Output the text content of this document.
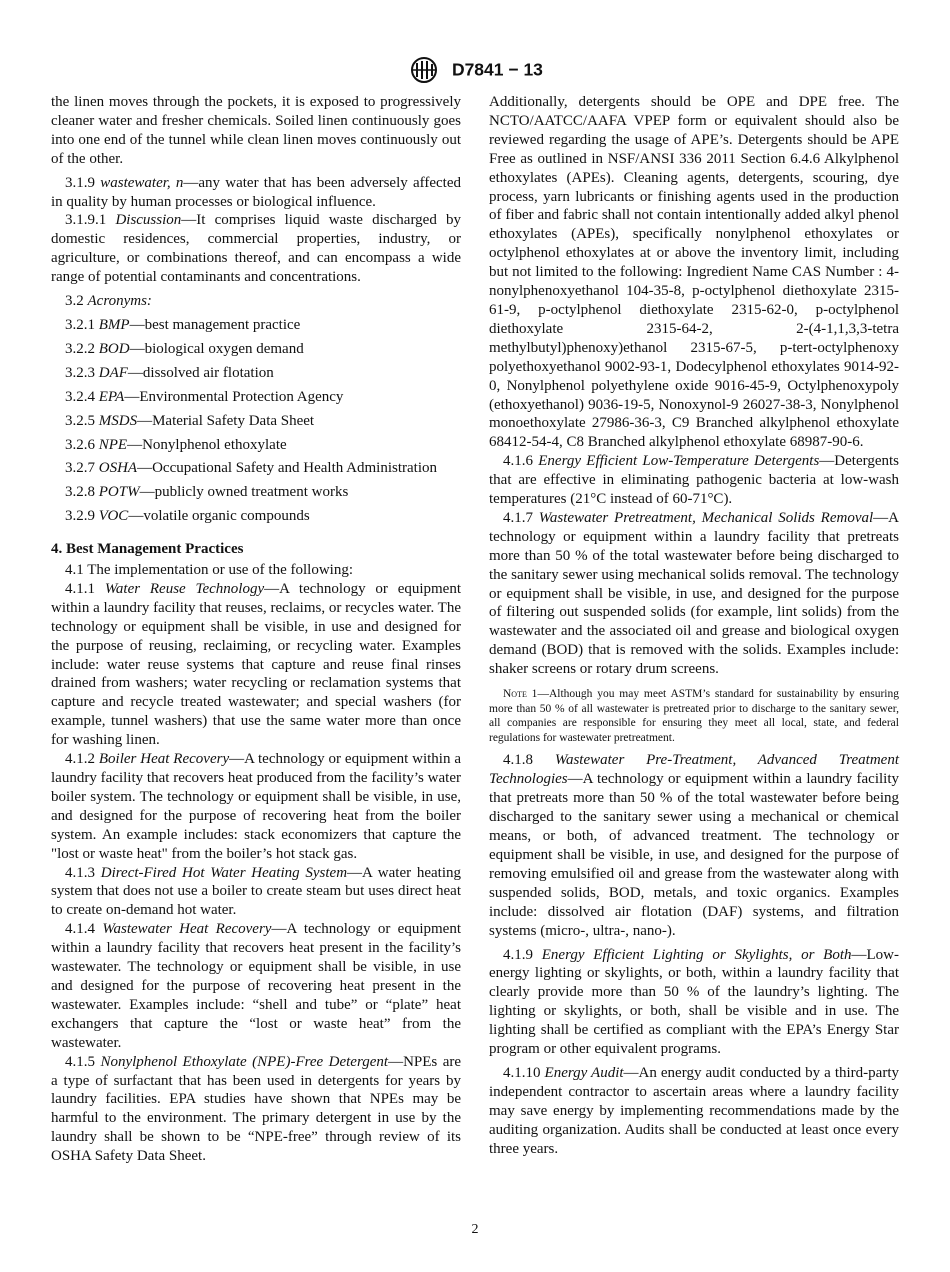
D7841 − 13

the linen moves through the pockets, it is exposed to progressively cleaner water and fresher chemicals. Soiled linen continuously goes into one end of the tunnel while clean linen moves continuously out of the other.

3.1.9 wastewater, n—any water that has been adversely affected in quality by human processes or biological influence.

3.1.9.1 Discussion—It comprises liquid waste discharged by domestic residences, commercial properties, industry, or agriculture, or combinations thereof, and can encompass a wide range of potential contaminants and concentrations.

3.2 Acronyms:

3.2.1 BMP—best management practice

3.2.2 BOD—biological oxygen demand

3.2.3 DAF—dissolved air flotation

3.2.4 EPA—Environmental Protection Agency

3.2.5 MSDS—Material Safety Data Sheet

3.2.6 NPE—Nonylphenol ethoxylate

3.2.7 OSHA—Occupational Safety and Health Administration

3.2.8 POTW—publicly owned treatment works

3.2.9 VOC—volatile organic compounds

4. Best Management Practices

4.1 The implementation or use of the following:

4.1.1 Water Reuse Technology—A technology or equipment within a laundry facility that reuses, reclaims, or recycles water. The technology or equipment shall be visible, in use and designed for the purpose of reusing, reclaiming, or recycling water. Examples include: water reuse systems that capture and reuse final rinses drained from washers; water recycling or reclamation systems that capture and recycle treated wastewater; and special washers (for example, tunnel washers) that use the same water more than once for washing linen.

4.1.2 Boiler Heat Recovery—A technology or equipment within a laundry facility that recovers heat produced from the facility’s water boiler system. The technology or equipment shall be visible, in use, and designed for the purpose of recovering heat from the boiler system. An example includes: stack economizers that capture the "lost or waste heat" from the boiler’s hot stack gas.

4.1.3 Direct-Fired Hot Water Heating System—A water heating system that does not use a boiler to create steam but uses direct heat to create on-demand hot water.

4.1.4 Wastewater Heat Recovery—A technology or equipment within a laundry facility that recovers heat present in the facility’s wastewater. The technology or equipment shall be visible, in use and designed for the purpose of recovering heat present in the wastewater. Examples include: “shell and tube” or “plate” heat exchangers that capture the “lost or waste heat” from the wastewater.

4.1.5 Nonylphenol Ethoxylate (NPE)-Free Detergent—NPEs are a type of surfactant that has been used in detergents for years by laundry facilities. EPA studies have shown that NPEs may be harmful to the environment. The primary detergent in use by the laundry shall be shown to be “NPE-free” through review of its OSHA Safety Data Sheet.

Additionally, detergents should be OPE and DPE free. The NCTO/AATCC/AAFA VPEP form or equivalent should also be reviewed regarding the usage of APE’s. Detergents should be APE Free as outlined in NSF/ANSI 336 2011 Section 6.4.6 Alkylphenol ethoxylates (APEs). Cleaning agents, detergents, scouring, dye process, yarn lubricants or finishing agents used in the production of fiber and fabric shall not contain intentionally added alkyl phenol ethoxylates (APEs), specifically nonylphenol ethoxylates or octylphenol ethoxylates at or above the inventory limit, including but not limited to the following: Ingredient Name CAS Number : 4-nonylphenoxyethanol 104-35-8, p-octylphenol diethoxylate 2315-61-9, p-octylphenol diethoxylate 2315-62-0, p-octylphenol diethoxylate 2315-64-2, 2-(4-1,1,3,3-tetra methylbutyl)phenoxy)ethanol 2315-67-5, p-tert-octylphenoxy polyethoxyethanol 9002-93-1, Dodecylphenol ethoxylates 9014-92-0, Nonylphenol polyethylene oxide 9016-45-9, Octylphenoxypoly (ethoxyethanol) 9036-19-5, Nonoxynol-9 26027-38-3, Nonylphenol monoethoxylate 27986-36-3, C9 Branched alkylphenol ethoxylate 68412-54-4, C8 Branched alkylphenol ethoxylate 68987-90-6.

4.1.6 Energy Efficient Low-Temperature Detergents—Detergents that are effective in eliminating pathogenic bacteria at low-wash temperatures (21°C instead of 60-71°C).

4.1.7 Wastewater Pretreatment, Mechanical Solids Removal—A technology or equipment within a laundry facility that pretreats more than 50 % of the total wastewater before being discharged to the sanitary sewer using mechanical solids removal. The technology or equipment shall be visible, in use, and designed for the purpose of filtering out suspended solids (for example, lint solids) from the wastewater and the associated oil and grease and biological oxygen demand (BOD) that is removed with the solids. Examples include: shaker screens or rotary drum screens.

Note 1—Although you may meet ASTM’s standard for sustainability by ensuring more than 50 % of all wastewater is pretreated prior to discharge to the sanitary sewer, all companies are responsible for ensuring they meet all local, state, and federal regulations for wastewater pretreatment.

4.1.8 Wastewater Pre-Treatment, Advanced Treatment Technologies—A technology or equipment within a laundry facility that pretreats more than 50 % of the total wastewater before being discharged to the sanitary sewer using a mechanical or chemical means, or both, of advanced treatment. The technology or equipment shall be visible, in use, and designed for the purpose of removing emulsified oil and grease from the wastewater along with suspended solids, BOD, metals, and toxic organics. Examples include: dissolved air flotation (DAF) systems, and filtration systems (micro-, ultra-, nano-).

4.1.9 Energy Efficient Lighting or Skylights, or Both—Low-energy lighting or skylights, or both, within a laundry facility that clearly provide more than 50 % of the laundry’s lighting. The lighting or skylights, or both, shall be visible and in use. The lighting shall be certified as compliant with the EPA’s Energy Star program or other equivalent programs.

4.1.10 Energy Audit—An energy audit conducted by a third-party independent contractor to ascertain areas where a laundry facility may save energy by implementing recommendations made by the auditing organization. Audits shall be conducted at least once every three years.

2
